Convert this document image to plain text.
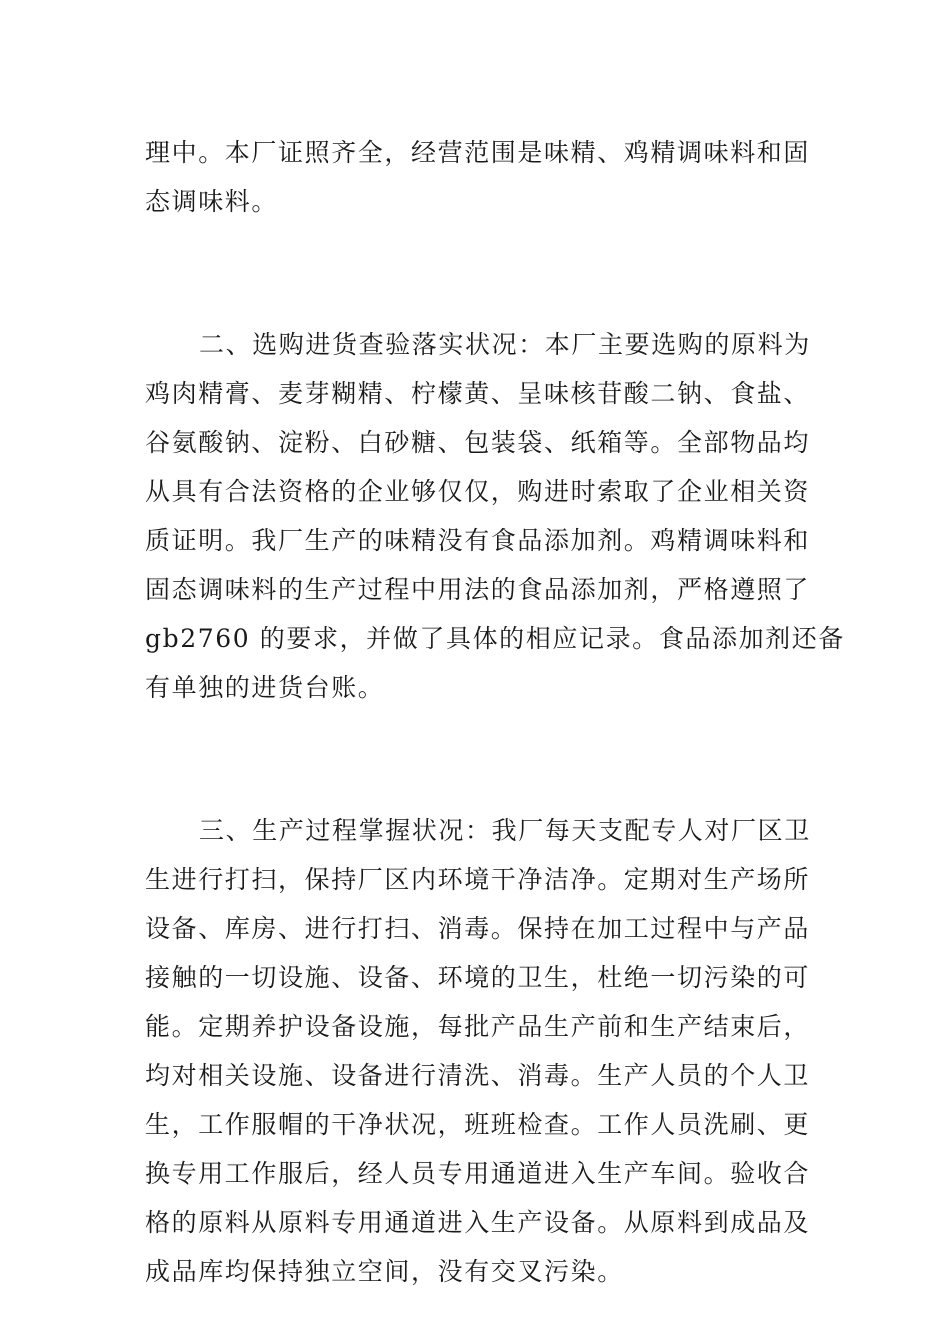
理中。本厂证照齐全，经营范围是味精、鸡精调味料和固
态调味料。
二、选购进货查验落实状况：本厂主要选购的原料为
鸡肉精膏、麦芽糊精、柠檬黄、呈味核苷酸二钠、食盐、
谷氨酸钠、淀粉、白砂糖、包装袋、纸箱等。全部物品均
从具有合法资格的企业够仅仅，购进时索取了企业相关资
质证明。我厂生产的味精没有食品添加剂。鸡精调味料和
固态调味料的生产过程中用法的食品添加剂，严格遵照了
gb2760 的要求，并做了具体的相应记录。食品添加剂还备
有单独的进货台账。
三、生产过程掌握状况：我厂每天支配专人对厂区卫
生进行打扫，保持厂区内环境干净洁净。定期对生产场所
设备、库房、进行打扫、消毒。保持在加工过程中与产品
接触的一切设施、设备、环境的卫生，杜绝一切污染的可
能。定期养护设备设施，每批产品生产前和生产结束后，
均对相关设施、设备进行清洗、消毒。生产人员的个人卫
生，工作服帽的干净状况，班班检查。工作人员洗刷、更
换专用工作服后，经人员专用通道进入生产车间。验收合
格的原料从原料专用通道进入生产设备。从原料到成品及
成品库均保持独立空间，没有交叉污染。
